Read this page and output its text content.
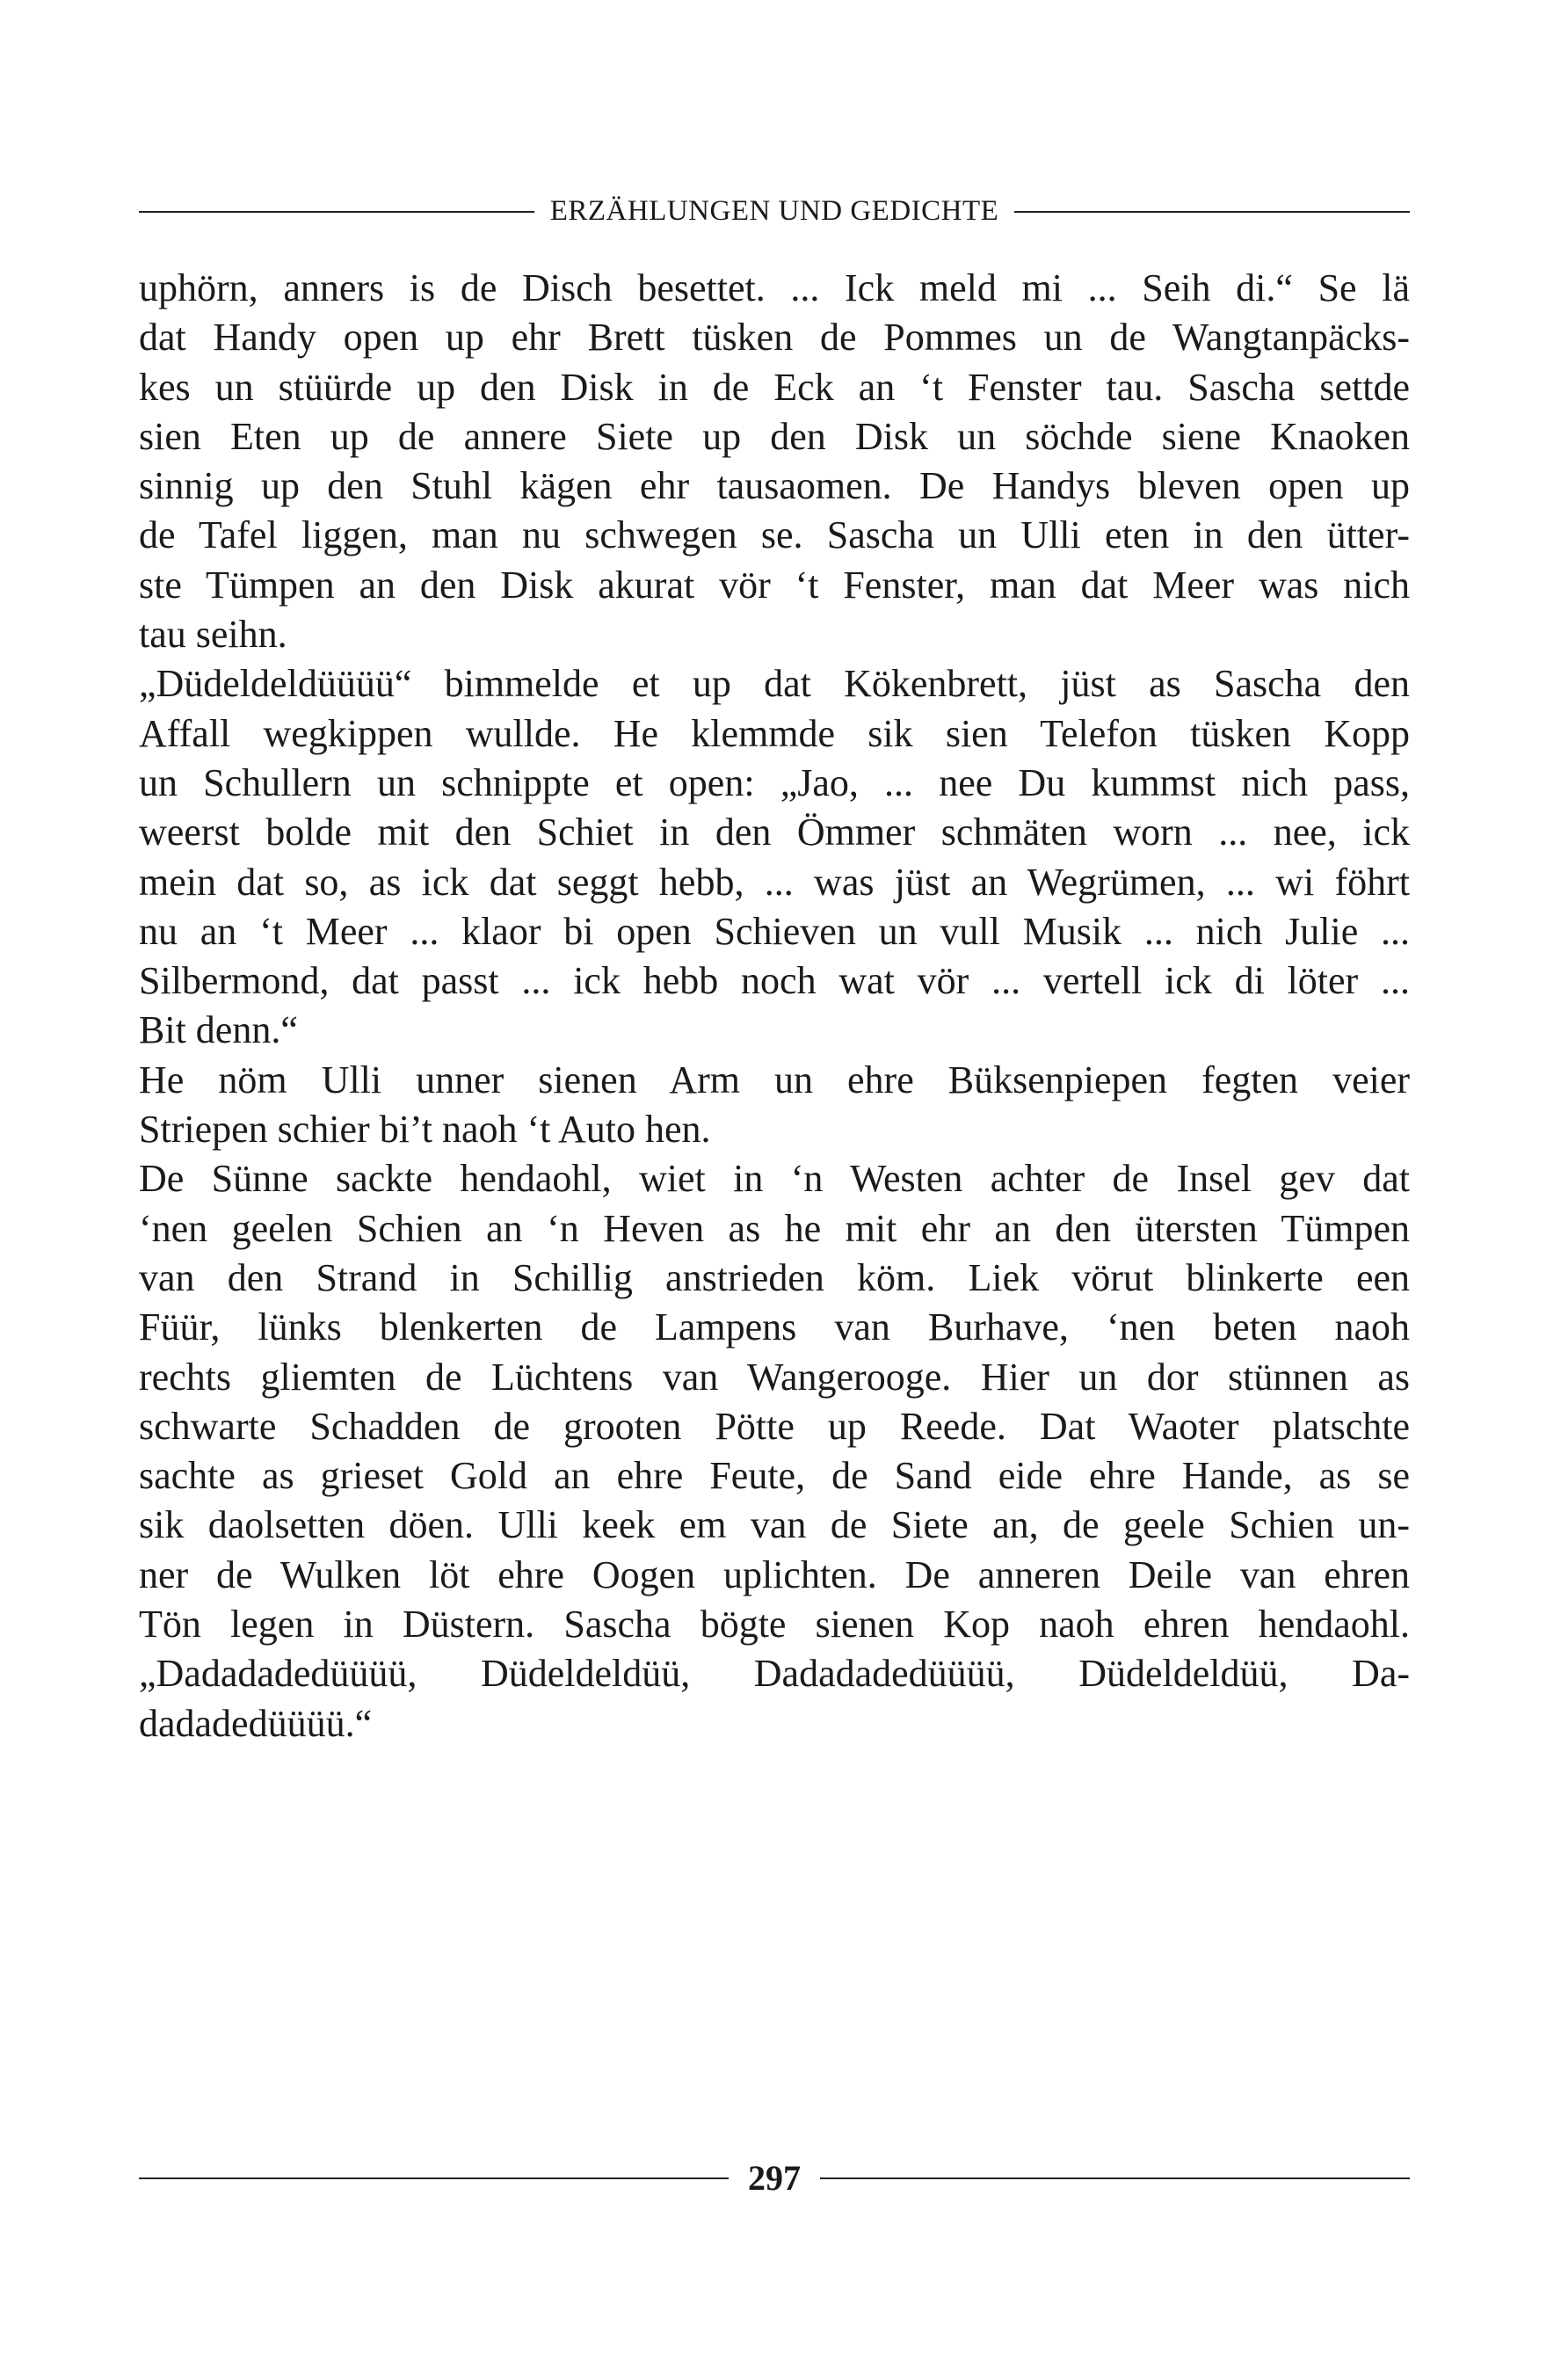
ERZÄHLUNGEN UND GEDICHTE
uphörn, anners is de Disch besettet. ... Ick meld mi ... Seih di.“ Se lä
dat Handy open up ehr Brett tüsken de Pommes un de Wangtanpäcks-
kes un stüürde up den Disk in de Eck an ‘t Fenster tau. Sascha settde
sien Eten up de annere Siete up den Disk un söchde siene Knaoken
sinnig up den Stuhl kägen ehr tausaomen. De Handys bleven open up
de Tafel liggen, man nu schwegen se. Sascha un Ulli eten in den ütter-
ste Tümpen an den Disk akurat vör ‘t Fenster, man dat Meer was nich
tau seihn.
„Düdeldeldüüüü“ bimmelde et up dat Kökenbrett, jüst as Sascha den
Affall wegkippen wullde. He klemmde sik sien Telefon tüsken Kopp
un Schullern un schnippte et open: „Jao, ... nee Du kummst nich pass,
weerst bolde mit den Schiet in den Ömmer schmäten worn ... nee, ick
mein dat so, as ick dat seggt hebb, ... was jüst an Wegrümen, ... wi föhrt
nu an ‘t Meer ... klaor bi open Schieven un vull Musik ... nich Julie ...
Silbermond, dat passt ... ick hebb noch wat vör ... vertell ick di löter ...
Bit denn.“
He nöm Ulli unner sienen Arm un ehre Büksenpiepen fegten veier
Striepen schier bi’t naoh ‘t Auto hen.
De Sünne sackte hendaohl, wiet in ‘n Westen achter de Insel gev dat
‘nen geelen Schien an ‘n Heven as he mit ehr an den ütersten Tümpen
van den Strand in Schillig anstrieden köm. Liek vörut blinkerte een
Füür, lünks blenkerten de Lampens van Burhave, ‘nen beten naoh
rechts gliemten de Lüchtens van Wangerooge. Hier un dor stünnen as
schwarte Schadden de grooten Pötte up Reede. Dat Waoter platschte
sachte as grieset Gold an ehre Feute, de Sand eide ehre Hande, as se
sik daolsetten döen. Ulli keek em van de Siete an, de geele Schien un-
ner de Wulken löt ehre Oogen uplichten. De anneren Deile van ehren
Tön legen in Düstern. Sascha bögte sienen Kop naoh ehren hendaohl.
„Dadadadedüüüü, Düdeldeldüü, Dadadadedüüüü, Düdeldeldüü, Da-
dadadedüüüü.“
297
